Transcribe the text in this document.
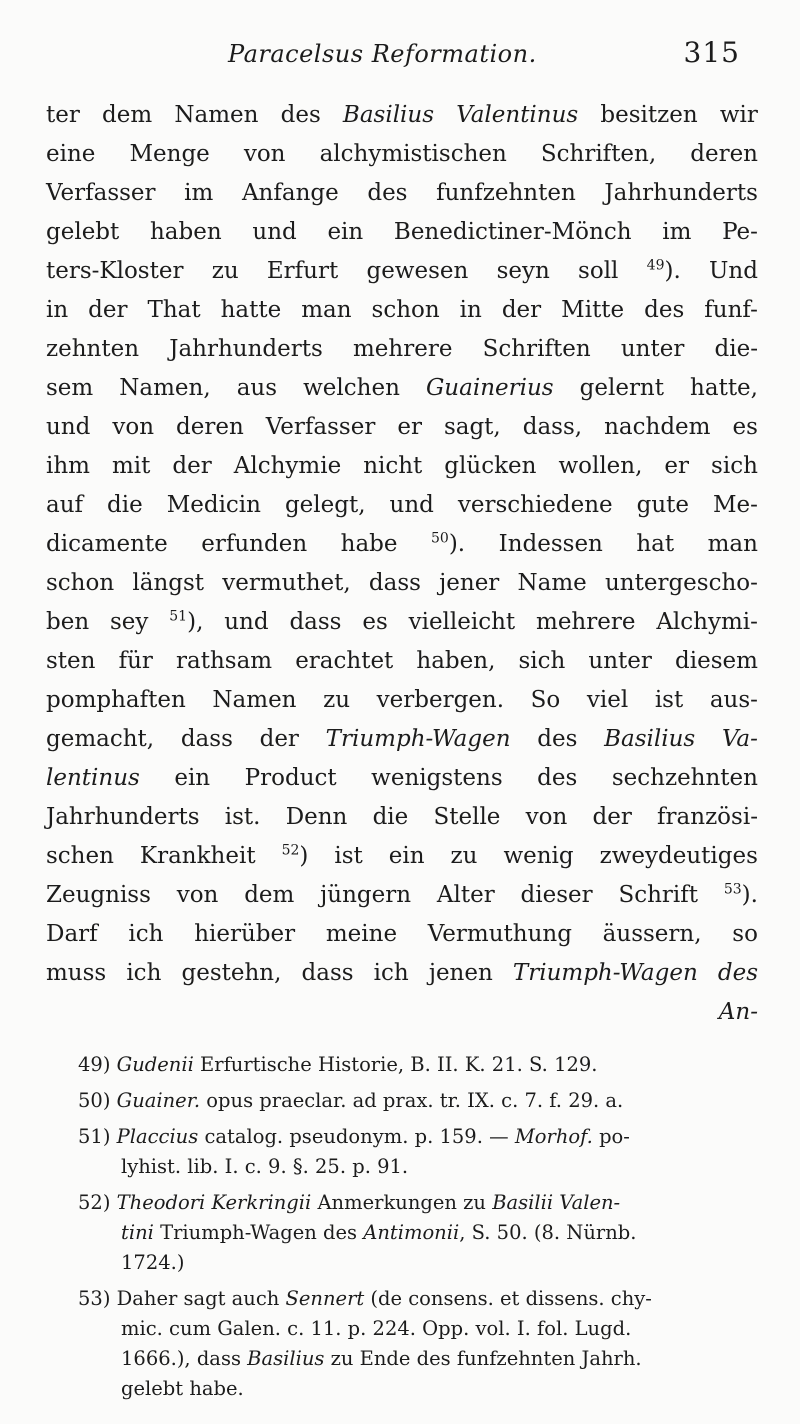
Paracelsus Reformation.	315
ter dem Namen des Basilius Valentinus besitzen wir
eine Menge von alchymistischen Schriften, deren
Verfasser im Anfange des funfzehnten Jahrhunderts
gelebt haben und ein Benedictiner-Mönch im Pe-
ters-Kloster zu Erfurt gewesen seyn soll $^{49}$). Und
in der That hatte man schon in der Mitte des funf-
zehnten Jahrhunderts mehrere Schriften unter die-
sem Namen, aus welchen Guainerius gelernt hatte,
und von deren Verfasser er sagt, dass, nachdem es
ihm mit der Alchymie nicht glücken wollen, er sich
auf die Medicin gelegt, und verschiedene gute Me-
dicamente erfunden habe $^{50}$). Indessen hat man
schon längst vermuthet, dass jener Name untergescho-
ben sey $^{51}$), und dass es vielleicht mehrere Alchymi-
sten für rathsam erachtet haben, sich unter diesem
pomphaften Namen zu verbergen. So viel ist aus-
gemacht, dass der Triumph-Wagen des Basilius Va-
lentinus ein Product wenigstens des sechzehnten
Jahrhunderts ist. Denn die Stelle von der französi-
schen Krankheit $^{52}$) ist ein zu wenig zweydeutiges
Zeugniss von dem jüngern Alter dieser Schrift $^{53}$).
Darf ich hierüber meine Vermuthung äussern, so
muss ich gestehn, dass ich jenen Triumph-Wagen des
An-
49) Gudenii Erfurtische Historie, B. II. K. 21. S. 129.
50) Guainer. opus praeclar. ad prax. tr. IX. c. 7. f. 29. a.
51) Placcius catalog. pseudonym. p. 159. — Morhof. po-
lyhist. lib. I. c. 9. §. 25. p. 91.
52) Theodori Kerkringii Anmerkungen zu Basilii Valen-
tini Triumph-Wagen des Antimonii, S. 50. (8. Nürnb.
1724.)
53) Daher sagt auch Sennert (de consens. et dissens. chy-
mic. cum Galen. c. 11. p. 224. Opp. vol. I. fol. Lugd.
1666.), dass Basilius zu Ende des funfzehnten Jahrh.
gelebt habe.
